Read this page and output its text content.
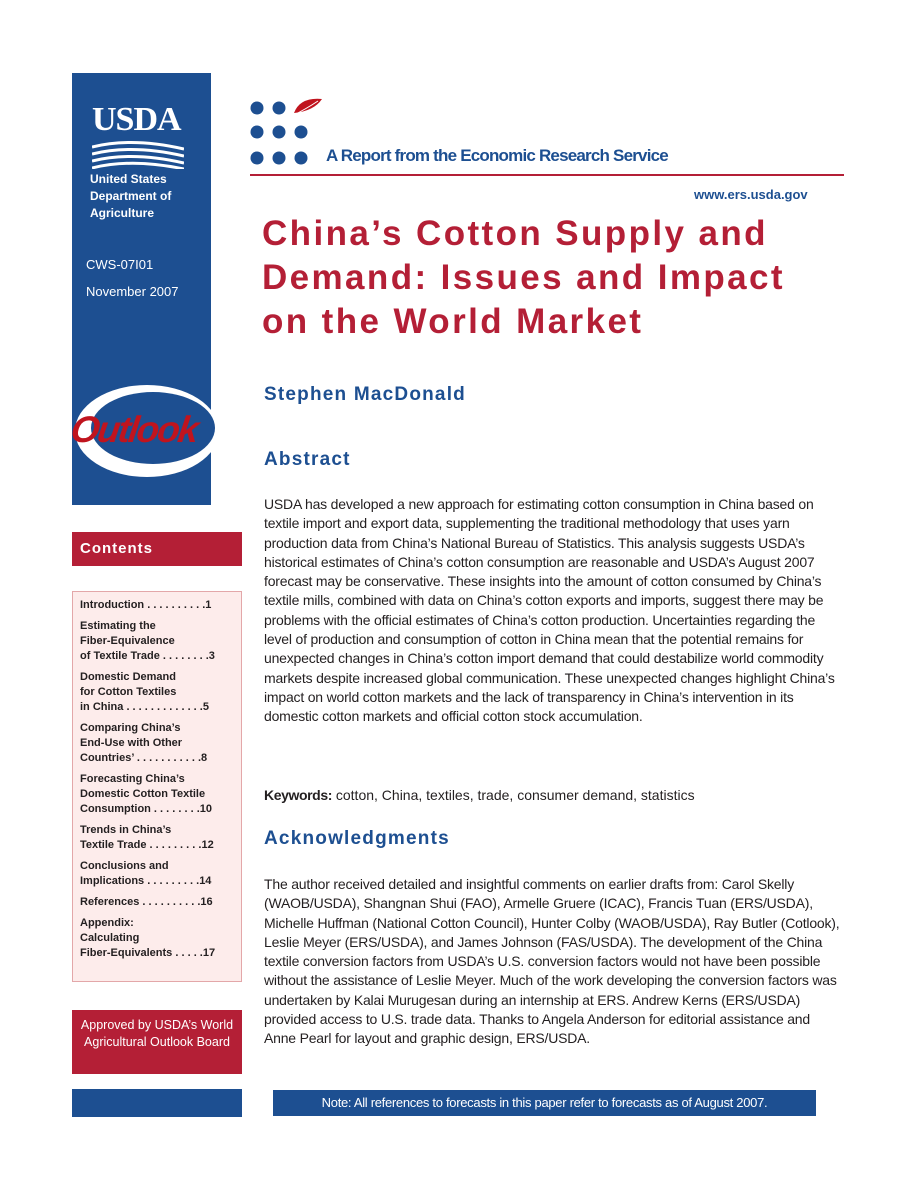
USDA
United States Department of Agriculture
CWS-07I01
November 2007
Outlook
Contents
Introduction . . . . . . . . . .1
Estimating the
Fiber-Equivalence
of Textile Trade . . . . . . . .3
Domestic Demand
for Cotton Textiles
in China . . . . . . . . . . . . .5
Comparing China’s
End-Use with Other
Countries’ . . . . . . . . . . .8
Forecasting China’s
Domestic Cotton Textile
Consumption . . . . . . . .10
Trends in China’s
Textile Trade . . . . . . . . .12
Conclusions and
Implications . . . . . . . . .14
References . . . . . . . . . .16
Appendix:
Calculating
Fiber-Equivalents . . . . .17
Approved by USDA’s World Agricultural Outlook Board
A Report from the Economic Research Service
www.ers.usda.gov
China’s Cotton Supply and Demand: Issues and Impact on the World Market
Stephen MacDonald
Abstract
USDA has developed a new approach for estimating cotton consumption in China based on textile import and export data, supplementing the traditional methodology that uses yarn production data from China’s National Bureau of Statistics. This analysis suggests USDA’s historical estimates of China’s cotton consumption are reasonable and USDA’s August 2007 forecast may be conservative. These insights into the amount of cotton consumed by China’s textile mills, combined with data on China’s cotton exports and imports, suggest there may be problems with the official estimates of China’s cotton production. Uncertainties regarding the level of production and consumption of cotton in China mean that the potential remains for unexpected changes in China’s cotton import demand that could destabilize world commodity markets despite increased global communication. These unexpected changes highlight China’s impact on world cotton markets and the lack of transparency in China’s intervention in its domestic cotton markets and official cotton stock accumulation.
Keywords: cotton, China, textiles, trade, consumer demand, statistics
Acknowledgments
The author received detailed and insightful comments on earlier drafts from: Carol Skelly (WAOB/USDA), Shangnan Shui (FAO), Armelle Gruere (ICAC), Francis Tuan (ERS/USDA), Michelle Huffman (National Cotton Council), Hunter Colby (WAOB/USDA), Ray Butler (Cotlook), Leslie Meyer (ERS/USDA), and James Johnson (FAS/USDA). The development of the China textile conversion factors from USDA’s U.S. conversion factors would not have been possible without the assistance of Leslie Meyer. Much of the work developing the conversion factors was undertaken by Kalai Murugesan during an internship at ERS. Andrew Kerns (ERS/USDA) provided access to U.S. trade data. Thanks to Angela Anderson for editorial assistance and Anne Pearl for layout and graphic design, ERS/USDA.
Note: All references to forecasts in this paper refer to forecasts as of August 2007.
